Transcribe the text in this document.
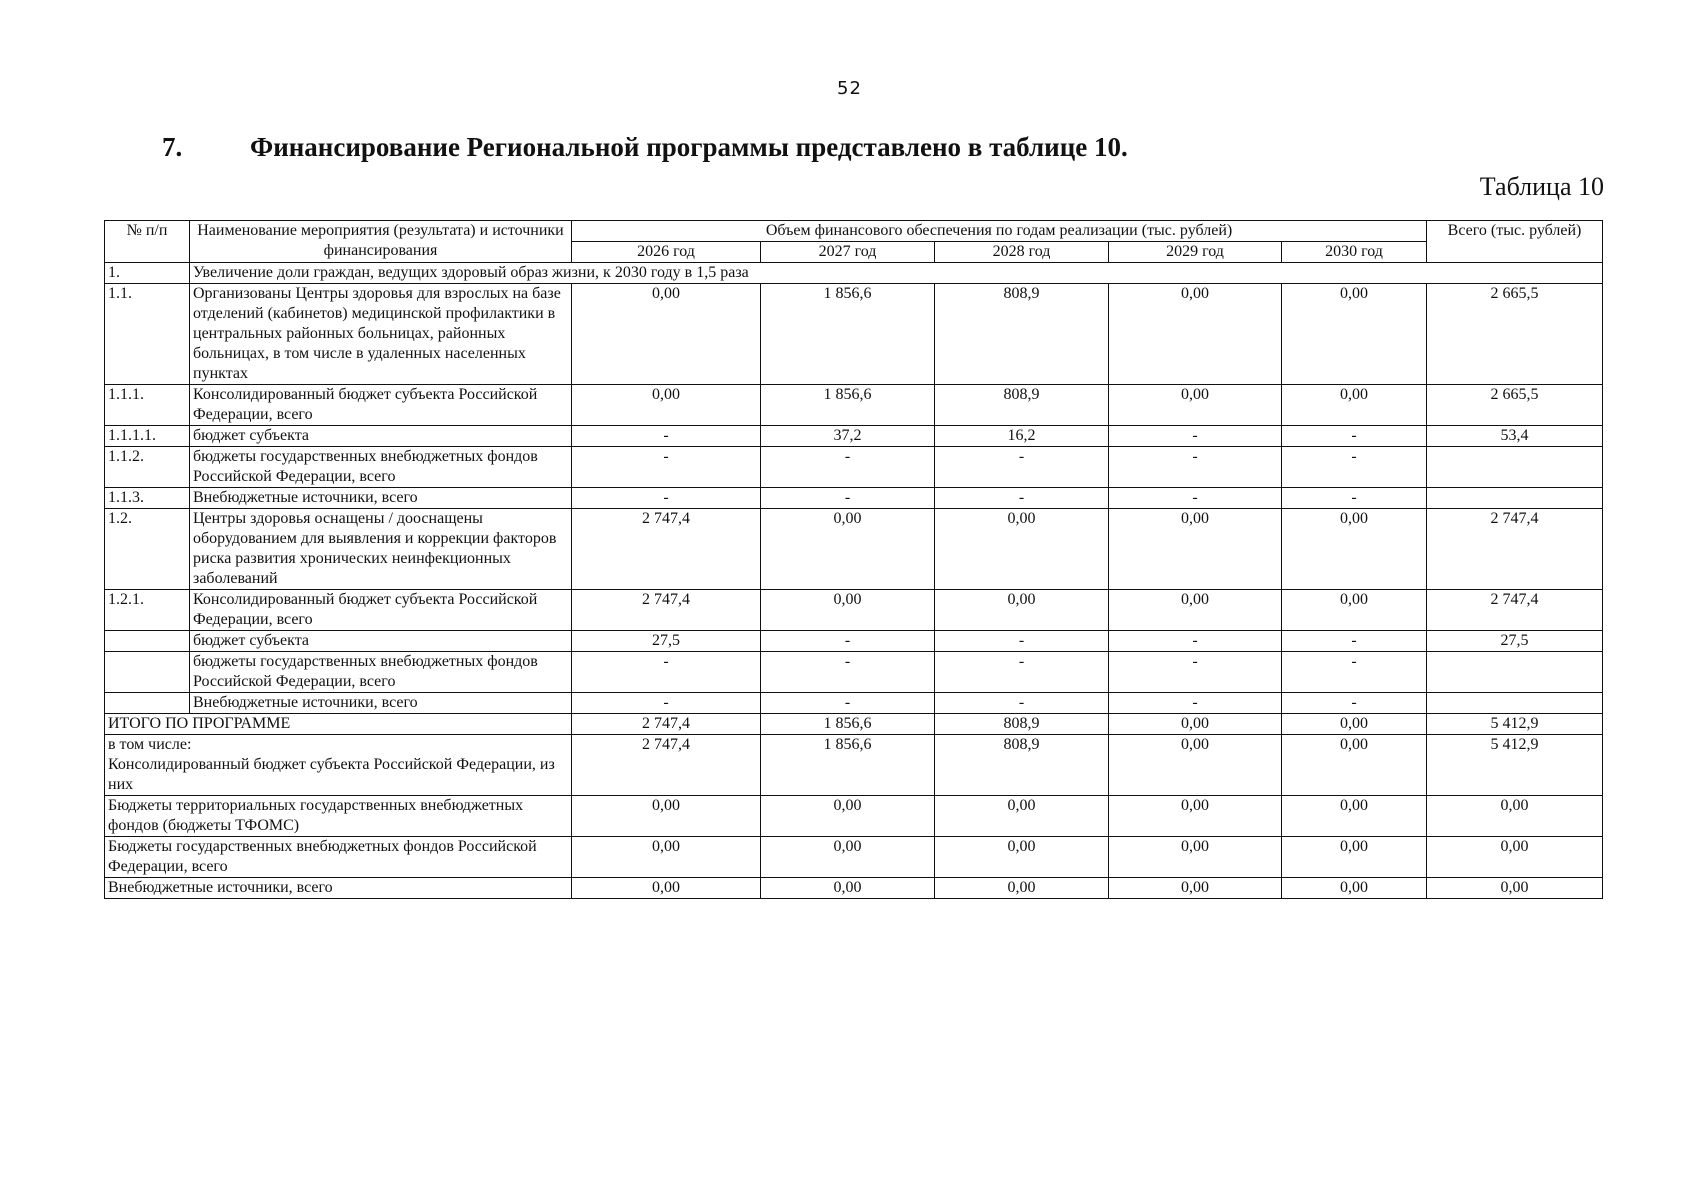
52
7.	Финансирование Региональной программы представлено в таблице 10.
Таблица 10
№ п/п	Наименование мероприятия (результата) и источники финансирования	Объем финансового обеспечения по годам реализации (тыс. рублей)					Всего (тыс. рублей)
		2026 год	2027 год	2028 год	2029 год	2030 год	
1.	Увеличение доли граждан, ведущих здоровый образ жизни, к 2030 году в 1,5 раза						
1.1.	Организованы Центры здоровья для взрослых на базе отделений (кабинетов) медицинской профилактики в центральных районных больницах, районных больницах, в том числе в удаленных населенных пунктах	0,00	1 856,6	808,9	0,00	0,00	2 665,5
1.1.1.	Консолидированный бюджет субъекта Российской Федерации, всего	0,00	1 856,6	808,9	0,00	0,00	2 665,5
1.1.1.1.	бюджет субъекта	-	37,2	16,2	-	-	53,4
1.1.2.	бюджеты государственных внебюджетных фондов Российской Федерации, всего	-	-	-	-	-	
1.1.3.	Внебюджетные источники, всего	-	-	-	-	-	
1.2.	Центры здоровья оснащены / дооснащены оборудованием для выявления и коррекции факторов риска развития хронических неинфекционных заболеваний	2 747,4	0,00	0,00	0,00	0,00	2 747,4
1.2.1.	Консолидированный бюджет субъекта Российской Федерации, всего	2 747,4	0,00	0,00	0,00	0,00	2 747,4
	бюджет субъекта	27,5	-	-	-	-	27,5
	бюджеты государственных внебюджетных фондов Российской Федерации, всего	-	-	-	-	-	
	Внебюджетные источники, всего	-	-	-	-	-	
ИТОГО ПО ПРОГРАММЕ		2 747,4	1 856,6	808,9	0,00	0,00	5 412,9
в том числе:
Консолидированный бюджет субъекта Российской Федерации, из них		2 747,4	1 856,6	808,9	0,00	0,00	5 412,9
Бюджеты территориальных государственных внебюджетных фондов (бюджеты ТФОМС)		0,00	0,00	0,00	0,00	0,00	0,00
Бюджеты государственных внебюджетных фондов Российской Федерации, всего		0,00	0,00	0,00	0,00	0,00	0,00
Внебюджетные источники, всего		0,00	0,00	0,00	0,00	0,00	0,00
